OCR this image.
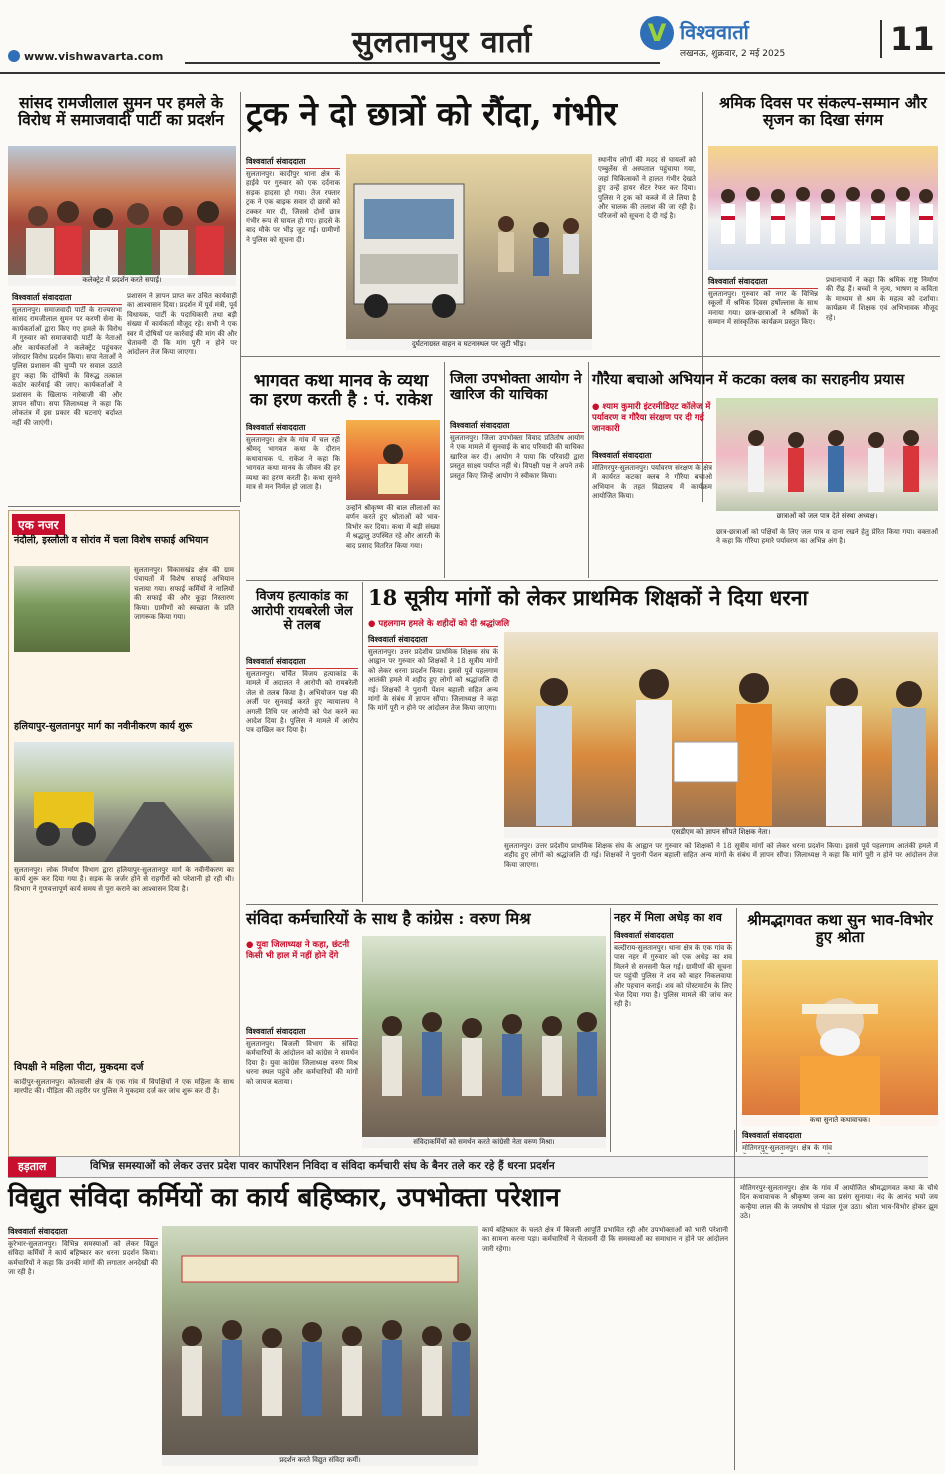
सुलतानपुर वार्ता	V विश्ववार्ता
लखनऊ, शुक्रवार, 2 मई 2025	11
www.vishwavarta.com
सांसद रामजीलाल सुमन पर हमले के विरोध में समाजवादी पार्टी का प्रदर्शन
कलेक्ट्रेट में प्रदर्शन करते सपाई।
विश्ववार्ता संवाददाता
सुलतानपुर। समाजवादी पार्टी के राज्यसभा सांसद रामजीलाल सुमन पर करणी सेना के कार्यकर्ताओं द्वारा किए गए हमले के विरोध में गुरुवार को समाजवादी पार्टी के नेताओं और कार्यकर्ताओं ने कलेक्ट्रेट पहुंचकर जोरदार विरोध प्रदर्शन किया। सपा नेताओं ने पुलिस प्रशासन की चुप्पी पर सवाल उठाते हुए कहा कि दोषियों के विरुद्ध तत्काल कठोर कार्रवाई की जाए। कार्यकर्ताओं ने प्रशासन के खिलाफ नारेबाजी की और ज्ञापन सौंपा। सपा जिलाध्यक्ष ने कहा कि लोकतंत्र में इस प्रकार की घटनाएं बर्दाश्त नहीं की जाएंगी।
प्रशासन ने ज्ञापन प्राप्त कर उचित कार्यवाही का आश्वासन दिया। प्रदर्शन में पूर्व मंत्री, पूर्व विधायक, पार्टी के पदाधिकारी तथा बड़ी संख्या में कार्यकर्ता मौजूद रहे। सभी ने एक स्वर में दोषियों पर कार्रवाई की मांग की और चेतावनी दी कि मांग पूरी न होने पर आंदोलन तेज किया जाएगा।
ट्रक ने दो छात्रों को रौंदा, गंभीर
विश्ववार्ता संवाददाता
सुलतानपुर। कादीपुर थाना क्षेत्र के हाईवे पर गुरुवार को एक दर्दनाक सड़क हादसा हो गया। तेज रफ्तार ट्रक ने एक बाइक सवार दो छात्रों को टक्कर मार दी, जिससे दोनों छात्र गंभीर रूप से घायल हो गए। हादसे के बाद मौके पर भीड़ जुट गई। ग्रामीणों ने पुलिस को सूचना दी।
दुर्घटनाग्रस्त वाहन व घटनास्थल पर जुटी भीड़।
स्थानीय लोगों की मदद से घायलों को एम्बुलेंस से अस्पताल पहुंचाया गया, जहां चिकित्सकों ने हालत गंभीर देखते हुए उन्हें हायर सेंटर रेफर कर दिया। पुलिस ने ट्रक को कब्जे में ले लिया है और चालक की तलाश की जा रही है। परिजनों को सूचना दे दी गई है।
श्रमिक दिवस पर संकल्प-सम्मान और सृजन का दिखा संगम
विश्ववार्ता संवाददाता
सुलतानपुर। गुरुवार को नगर के विभिन्न स्कूलों में श्रमिक दिवस हर्षोल्लास के साथ मनाया गया। छात्र-छात्राओं ने श्रमिकों के सम्मान में सांस्कृतिक कार्यक्रम प्रस्तुत किए।
प्रधानाचार्य ने कहा कि श्रमिक राष्ट्र निर्माण की रीढ़ हैं। बच्चों ने नृत्य, भाषण व कविता के माध्यम से श्रम के महत्व को दर्शाया। कार्यक्रम में शिक्षक एवं अभिभावक मौजूद रहे।
भागवत कथा मानव के व्यथा का हरण करती है : पं. राकेश
विश्ववार्ता संवाददाता
सुलतानपुर। क्षेत्र के गांव में चल रही श्रीमद् भागवत कथा के दौरान कथावाचक पं. राकेश ने कहा कि भागवत कथा मानव के जीवन की हर व्यथा का हरण करती है। कथा सुनने मात्र से मन निर्मल हो जाता है।
उन्होंने श्रीकृष्ण की बाल लीलाओं का वर्णन करते हुए श्रोताओं को भाव-विभोर कर दिया। कथा में बड़ी संख्या में श्रद्धालु उपस्थित रहे और आरती के बाद प्रसाद वितरित किया गया।
जिला उपभोक्ता आयोग ने खारिज की याचिका
विश्ववार्ता संवाददाता
सुलतानपुर। जिला उपभोक्ता विवाद प्रतितोष आयोग ने एक मामले में सुनवाई के बाद परिवादी की याचिका खारिज कर दी। आयोग ने पाया कि परिवादी द्वारा प्रस्तुत साक्ष्य पर्याप्त नहीं थे। विपक्षी पक्ष ने अपने तर्क प्रस्तुत किए जिन्हें आयोग ने स्वीकार किया।
गौरैया बचाओ अभियान में कटका क्लब का सराहनीय प्रयास
● श्याम कुमारी इंटरमीडिएट कॉलेज में पर्यावरण व गौरैया संरक्षण पर दी गई जानकारी
छात्राओं को जल पात्र देते संस्था अध्यक्ष।
विश्ववार्ता संवाददाता
मोतिगरपुर-सुलतानपुर। पर्यावरण संरक्षण के क्षेत्र में कार्यरत कटका क्लब ने गौरैया बचाओ अभियान के तहत विद्यालय में कार्यक्रम आयोजित किया।
छात्र-छात्राओं को पक्षियों के लिए जल पात्र व दाना रखने हेतु प्रेरित किया गया। वक्ताओं ने कहा कि गौरैया हमारे पर्यावरण का अभिन्न अंग है।
एक नजर
नंदौली, इस्लौली व सोरांव में चला विशेष सफाई अभियान
सुलतानपुर। विकासखंड क्षेत्र की ग्राम पंचायतों में विशेष सफाई अभियान चलाया गया। सफाई कर्मियों ने नालियों की सफाई की और कूड़ा निस्तारण किया। ग्रामीणों को स्वच्छता के प्रति जागरूक किया गया।
हलियापुर-सुलतानपुर मार्ग का नवीनीकरण कार्य शुरू
सुलतानपुर। लोक निर्माण विभाग द्वारा हलियापुर-सुलतानपुर मार्ग के नवीनीकरण का कार्य शुरू कर दिया गया है। सड़क के जर्जर होने से राहगीरों को परेशानी हो रही थी। विभाग ने गुणवत्तापूर्ण कार्य समय से पूरा कराने का आश्वासन दिया है।
विपक्षी ने महिला पीटा, मुकदमा दर्ज
कादीपुर-सुलतानपुर। कोतवाली क्षेत्र के एक गांव में विपक्षियों ने एक महिला के साथ मारपीट की। पीड़िता की तहरीर पर पुलिस ने मुकदमा दर्ज कर जांच शुरू कर दी है।
विजय हत्याकांड का आरोपी रायबरेली जेल से तलब
विश्ववार्ता संवाददाता
सुलतानपुर। चर्चित विजय हत्याकांड के मामले में अदालत ने आरोपी को रायबरेली जेल से तलब किया है। अभियोजन पक्ष की अर्जी पर सुनवाई करते हुए न्यायालय ने अगली तिथि पर आरोपी को पेश करने का आदेश दिया है। पुलिस ने मामले में आरोप पत्र दाखिल कर दिया है।
18 सूत्रीय मांगों को लेकर प्राथमिक शिक्षकों ने दिया धरना
● पहलगाम हमले के शहीदों को दी श्रद्धांजलि
विश्ववार्ता संवाददाता
सुलतानपुर। उत्तर प्रदेशीय प्राथमिक शिक्षक संघ के आह्वान पर गुरुवार को शिक्षकों ने 18 सूत्रीय मांगों को लेकर धरना प्रदर्शन किया। इससे पूर्व पहलगाम आतंकी हमले में शहीद हुए लोगों को श्रद्धांजलि दी गई। शिक्षकों ने पुरानी पेंशन बहाली सहित अन्य मांगों के संबंध में ज्ञापन सौंपा। जिलाध्यक्ष ने कहा कि मांगें पूरी न होने पर आंदोलन तेज किया जाएगा।
एसडीएम को ज्ञापन सौंपते शिक्षक नेता।
सुलतानपुर। उत्तर प्रदेशीय प्राथमिक शिक्षक संघ के आह्वान पर गुरुवार को शिक्षकों ने 18 सूत्रीय मांगों को लेकर धरना प्रदर्शन किया। इससे पूर्व पहलगाम आतंकी हमले में शहीद हुए लोगों को श्रद्धांजलि दी गई। शिक्षकों ने पुरानी पेंशन बहाली सहित अन्य मांगों के संबंध में ज्ञापन सौंपा। जिलाध्यक्ष ने कहा कि मांगें पूरी न होने पर आंदोलन तेज किया जाएगा।
संविदा कर्मचारियों के साथ है कांग्रेस : वरुण मिश्र
● युवा जिलाध्यक्ष ने कहा, छंटनी किसी भी हाल में नहीं होने देंगे
संविदाकर्मियों को समर्थन करते कांग्रेसी नेता वरुण मिश्रा।
विश्ववार्ता संवाददाता
सुलतानपुर। बिजली विभाग के संविदा कर्मचारियों के आंदोलन को कांग्रेस ने समर्थन दिया है। युवा कांग्रेस जिलाध्यक्ष वरुण मिश्र धरना स्थल पहुंचे और कर्मचारियों की मांगों को जायज बताया।
नहर में मिला अधेड़ का शव
विश्ववार्ता संवाददाता
बल्दीराय-सुलतानपुर। थाना क्षेत्र के एक गांव के पास नहर में गुरुवार को एक अधेड़ का शव मिलने से सनसनी फैल गई। ग्रामीणों की सूचना पर पहुंची पुलिस ने शव को बाहर निकलवाया और पहचान कराई। शव को पोस्टमार्टम के लिए भेज दिया गया है। पुलिस मामले की जांच कर रही है।
श्रीमद्भागवत कथा सुन भाव-विभोर हुए श्रोता
कथा सुनाते कथावाचक।
विश्ववार्ता संवाददाता
मोतिगरपुर-सुलतानपुर। क्षेत्र के गांव
हड़ताल	विभिन्न समस्याओं को लेकर उत्तर प्रदेश पावर कार्पोरेशन निविदा व संविदा कर्मचारी संघ के बैनर तले कर रहे हैं धरना प्रदर्शन
विद्युत संविदा कर्मियों का कार्य बहिष्कार, उपभोक्ता परेशान
विश्ववार्ता संवाददाता
कूरेभार-सुलतानपुर। विभिन्न समस्याओं को लेकर विद्युत संविदा कर्मियों ने कार्य बहिष्कार कर धरना प्रदर्शन किया। कर्मचारियों ने कहा कि उनकी मांगों की लगातार अनदेखी की जा रही है।
प्रदर्शन करते विद्युत संविदा कर्मी।
कार्य बहिष्कार के चलते क्षेत्र में बिजली आपूर्ति प्रभावित रही और उपभोक्ताओं को भारी परेशानी का सामना करना पड़ा। कर्मचारियों ने चेतावनी दी कि समस्याओं का समाधान न होने पर आंदोलन जारी रहेगा।
मोतिगरपुर-सुलतानपुर। क्षेत्र के गांव में आयोजित श्रीमद्भागवत कथा के चौथे दिन कथावाचक ने श्रीकृष्ण जन्म का प्रसंग सुनाया। नंद के आनंद भयो जय कन्हैया लाल की के जयघोष से पंडाल गूंज उठा। श्रोता भाव-विभोर होकर झूम उठे।
